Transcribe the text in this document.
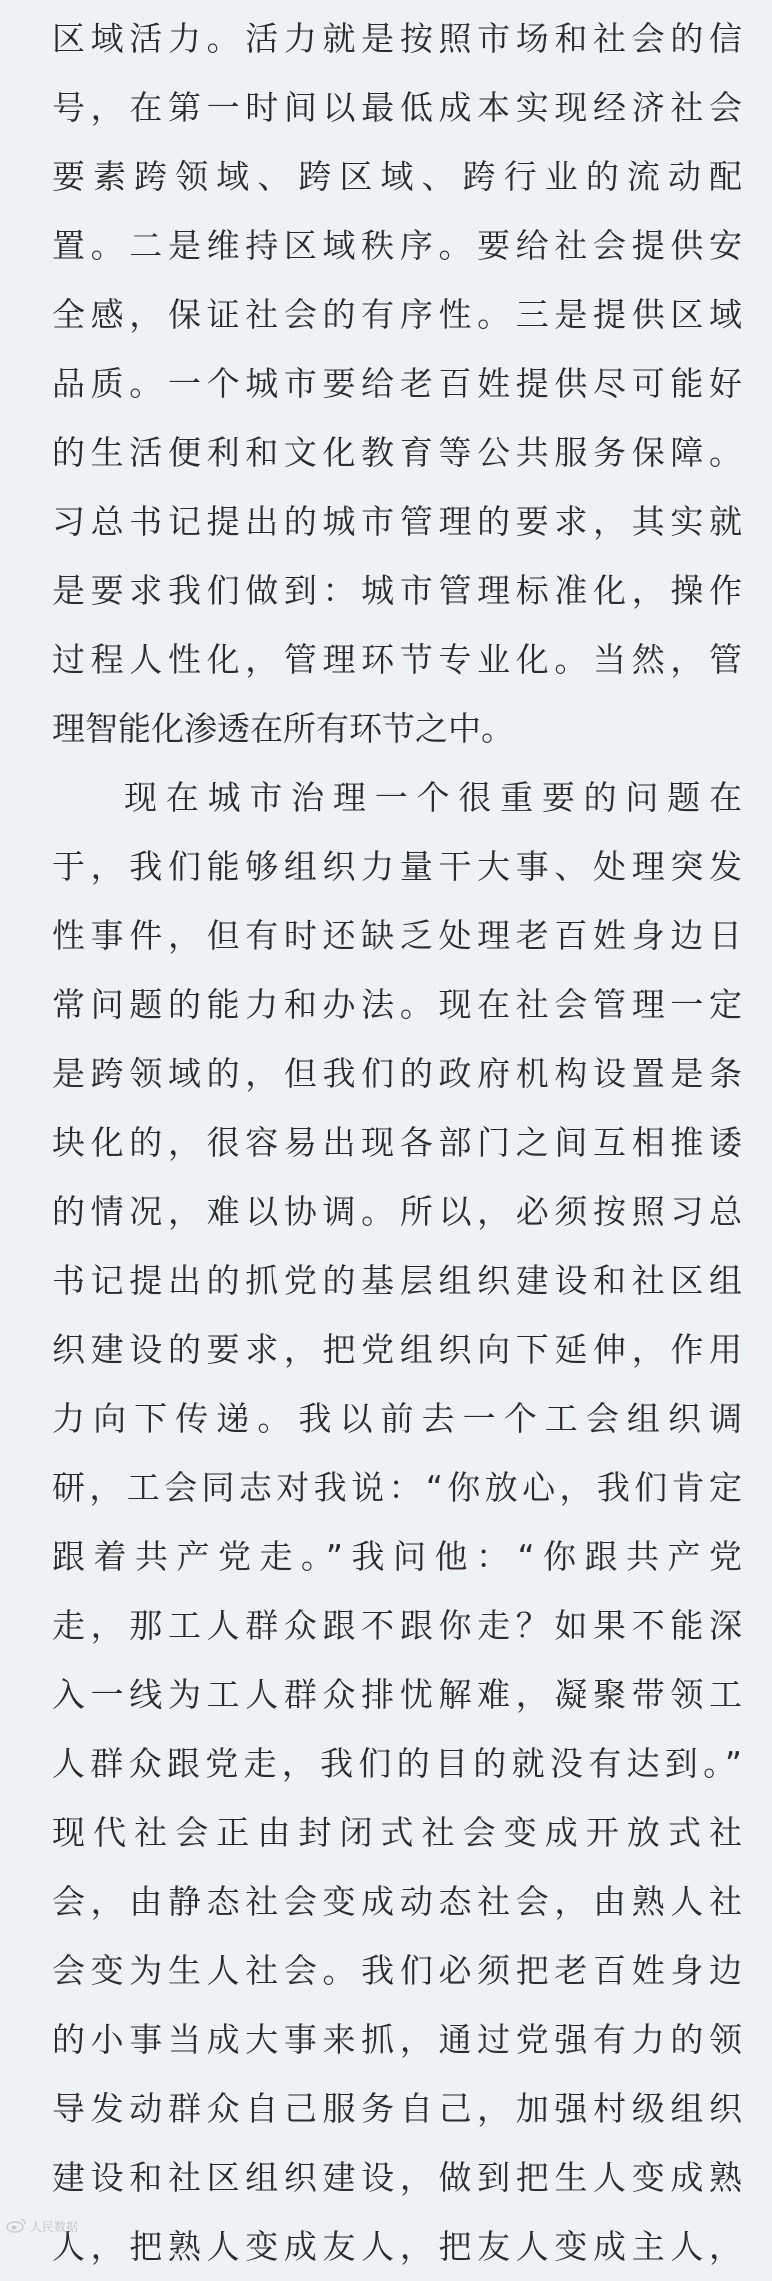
区域活力。活力就是按照市场和社会的信
号，在第一时间以最低成本实现经济社会
要素跨领域、跨区域、跨行业的流动配
置。二是维持区域秩序。要给社会提供安
全感，保证社会的有序性。三是提供区域
品质。一个城市要给老百姓提供尽可能好
的生活便利和文化教育等公共服务保障。
习总书记提出的城市管理的要求，其实就
是要求我们做到：城市管理标准化，操作
过程人性化，管理环节专业化。当然，管
理智能化渗透在所有环节之中。
现在城市治理一个很重要的问题在
于，我们能够组织力量干大事、处理突发
性事件，但有时还缺乏处理老百姓身边日
常问题的能力和办法。现在社会管理一定
是跨领域的，但我们的政府机构设置是条
块化的，很容易出现各部门之间互相推诿
的情况，难以协调。所以，必须按照习总
书记提出的抓党的基层组织建设和社区组
织建设的要求，把党组织向下延伸，作用
力向下传递。我以前去一个工会组织调
研，工会同志对我说：“你放心，我们肯定
跟着共产党走。”我问他：“你跟共产党
走，那工人群众跟不跟你走？如果不能深
入一线为工人群众排忧解难，凝聚带领工
人群众跟党走，我们的目的就没有达到。”
现代社会正由封闭式社会变成开放式社
会，由静态社会变成动态社会，由熟人社
会变为生人社会。我们必须把老百姓身边
的小事当成大事来抓，通过党强有力的领
导发动群众自己服务自己，加强村级组织
建设和社区组织建设，做到把生人变成熟
人，把熟人变成友人，把友人变成主人，
人民数据
